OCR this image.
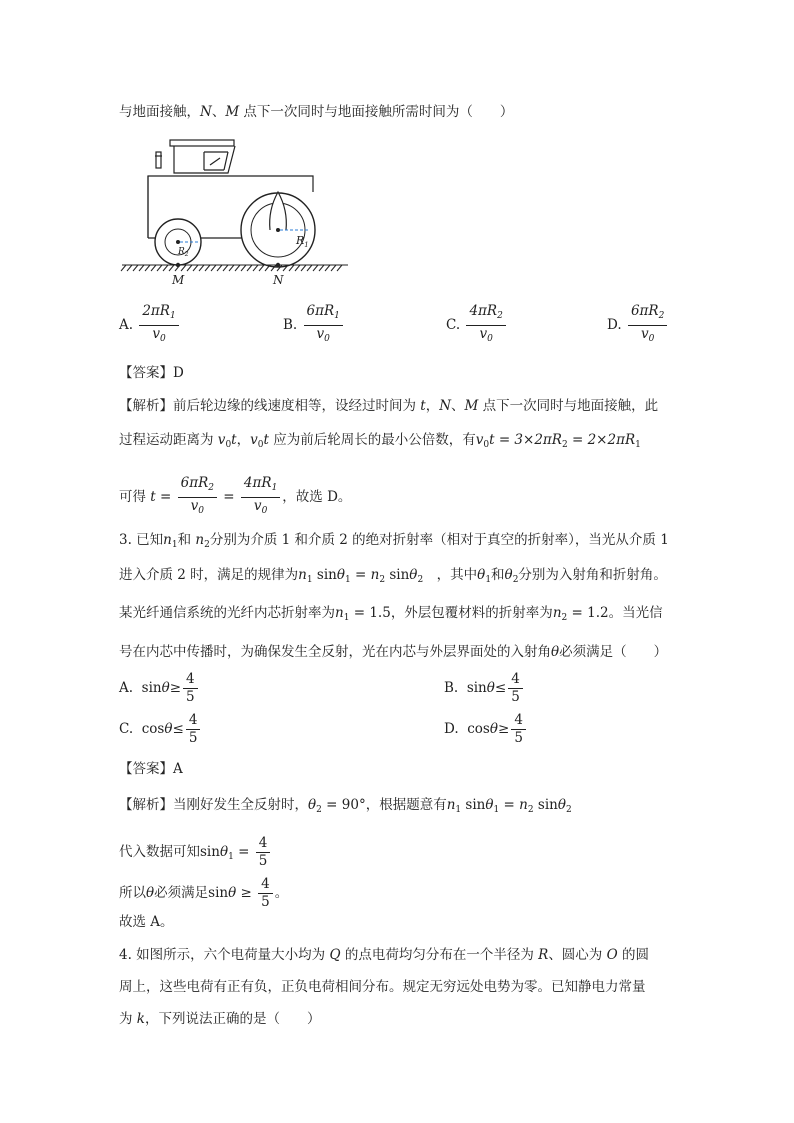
与地面接触，N、M 点下一次同时与地面接触所需时间为（　　）
$R_1$
$R_2$
M	N
A. $\frac{2\pi R_1}{v_0}$	B. $\frac{6\pi R_1}{v_0}$	C. $\frac{4\pi R_2}{v_0}$	D. $\frac{6\pi R_2}{v_0}$
【答案】D
【解析】前后轮边缘的线速度相等，设经过时间为 t，N、M 点下一次同时与地面接触，此
过程运动距离为 $v_0t$，$v_0t$ 应为前后轮周长的最小公倍数，有$v_0t = 3\times 2\pi R_2 = 2\times 2\pi R_1$
可得 $t = \frac{6\pi R_2}{v_0} = \frac{4\pi R_1}{v_0}$ ，故选 D。
3. 已知$n_1$和 $n_2$分别为介质 1 和介质 2 的绝对折射率（相对于真空的折射率），当光从介质 1
进入介质 2 时，满足的规律为$n_1$ $\sin\theta_1 = n_2$ sinθ$_2$　 ，其中$\theta_1$和$\theta_2$分别为入射角和折射角。
某光纤通信系统的光纤内芯折射率为$n_1 = 1.5$，外层包覆材料的折射率为$n_2 = 1.2$。当光信
号在内芯中传播时，为确保发生全反射，光在内芯与外层界面处的入射角θ必须满足（　　）
A. $\sin\theta\ge \frac{4}{5}$	B. $\sin\theta\le \frac{4}{5}$
C. $\cos\theta\le \frac{4}{5}$	D. $\cos\theta\ge \frac{4}{5}$
【答案】A
【解析】当刚好发生全反射时，$\theta_2 = 90^\circ$，根据题意有$n_1$ $\sin\theta_1 = n_2$ sinθ$_2$
代入数据可知$\sin\theta_1 = \frac{4}{5}$
所以θ必须满足$\sin\theta \ge \frac{4}{5}$ 。
故选 A。
4. 如图所示，六个电荷量大小均为 Q 的点电荷均匀分布在一个半径为 R、圆心为 O 的圆
周上，这些电荷有正有负，正负电荷相间分布。规定无穷远处电势为零。已知静电力常量
为 k，下列说法正确的是（　　）
